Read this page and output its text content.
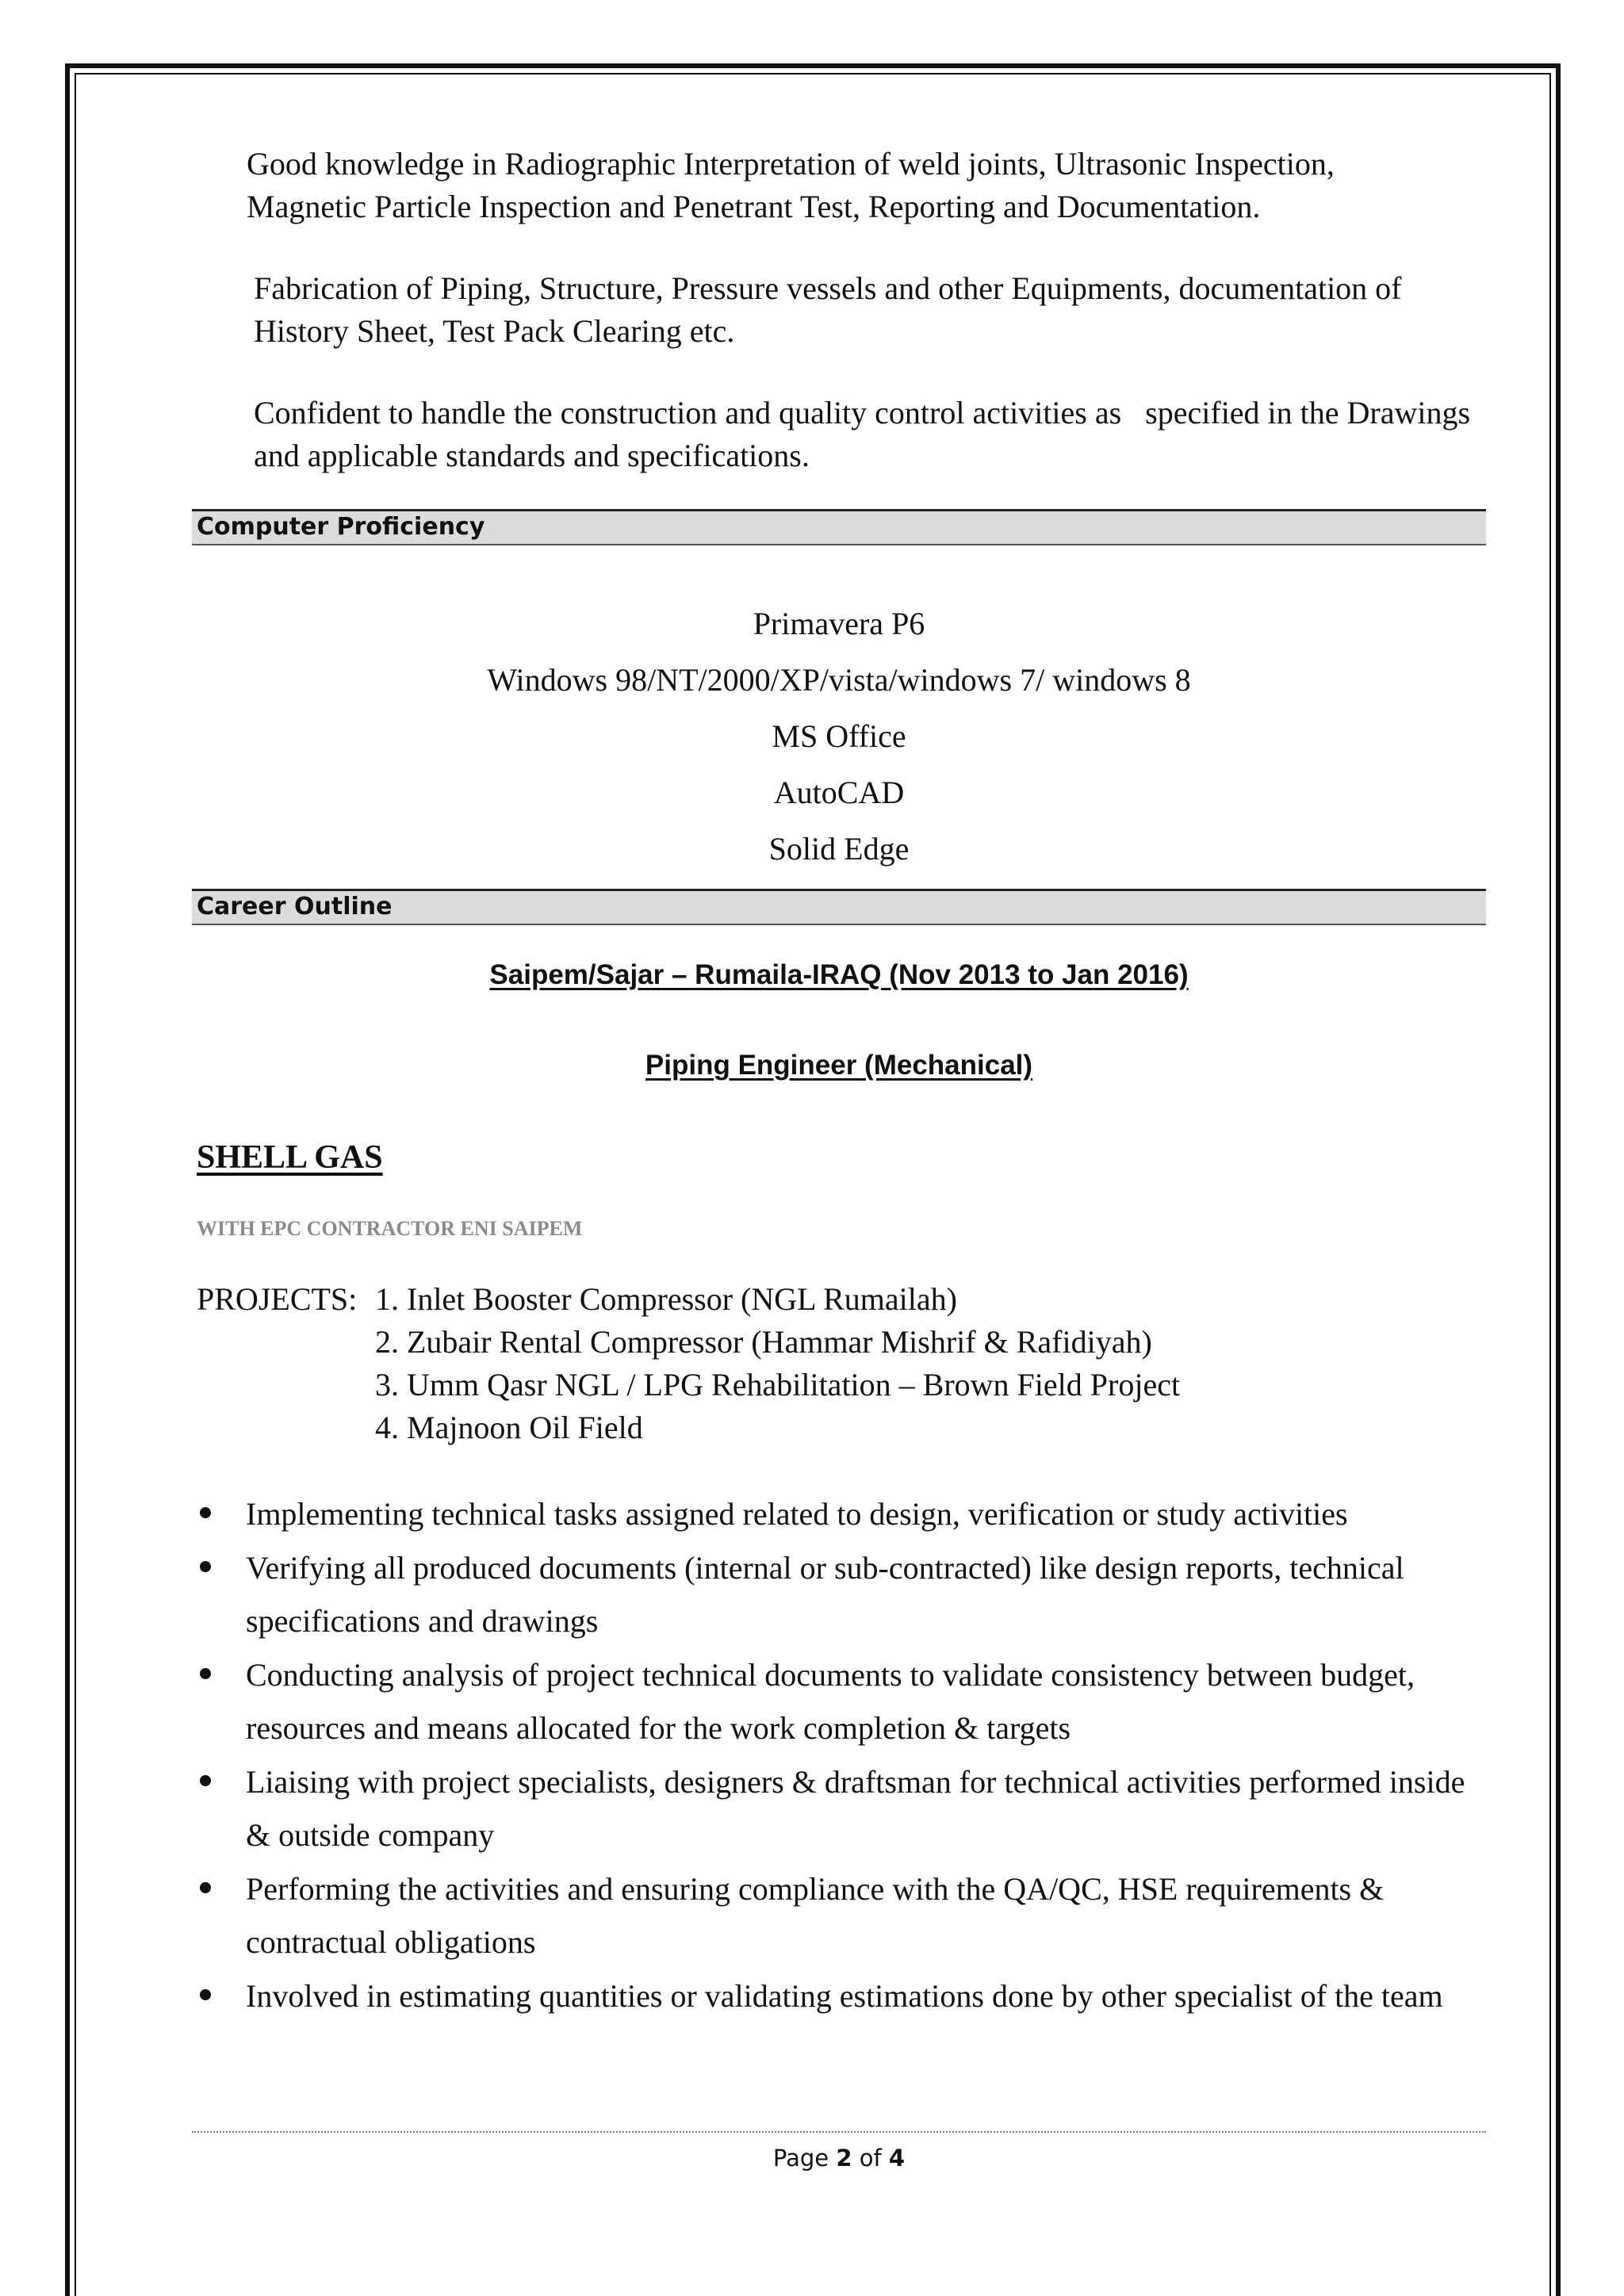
Good knowledge in Radiographic Interpretation of weld joints, Ultrasonic Inspection, Magnetic Particle Inspection and Penetrant Test, Reporting and Documentation.

Fabrication of Piping, Structure, Pressure vessels and other Equipments, documentation of History Sheet, Test Pack Clearing etc.

Confident to handle the construction and quality control activities as   specified in the Drawings and applicable standards and specifications.

Computer Proficiency
Primavera P6
Windows 98/NT/2000/XP/vista/windows 7/ windows 8
MS Office
AutoCAD
Solid Edge
Career Outline
Saipem/Sajar – Rumaila-IRAQ (Nov 2013 to Jan 2016)
Piping Engineer (Mechanical)
SHELL GAS
WITH EPC CONTRACTOR ENI SAIPEM
PROJECTS: 1. Inlet Booster Compressor (NGL Rumailah)
2. Zubair Rental Compressor (Hammar Mishrif & Rafidiyah)
3. Umm Qasr NGL / LPG Rehabilitation – Brown Field Project
4. Majnoon Oil Field
Implementing technical tasks assigned related to design, verification or study activities
Verifying all produced documents (internal or sub-contracted) like design reports, technical specifications and drawings
Conducting analysis of project technical documents to validate consistency between budget, resources and means allocated for the work completion & targets
Liaising with project specialists, designers & draftsman for technical activities performed inside & outside company
Performing the activities and ensuring compliance with the QA/QC, HSE requirements & contractual obligations
Involved in estimating quantities or validating estimations done by other specialist of the team
Page 2 of 4
